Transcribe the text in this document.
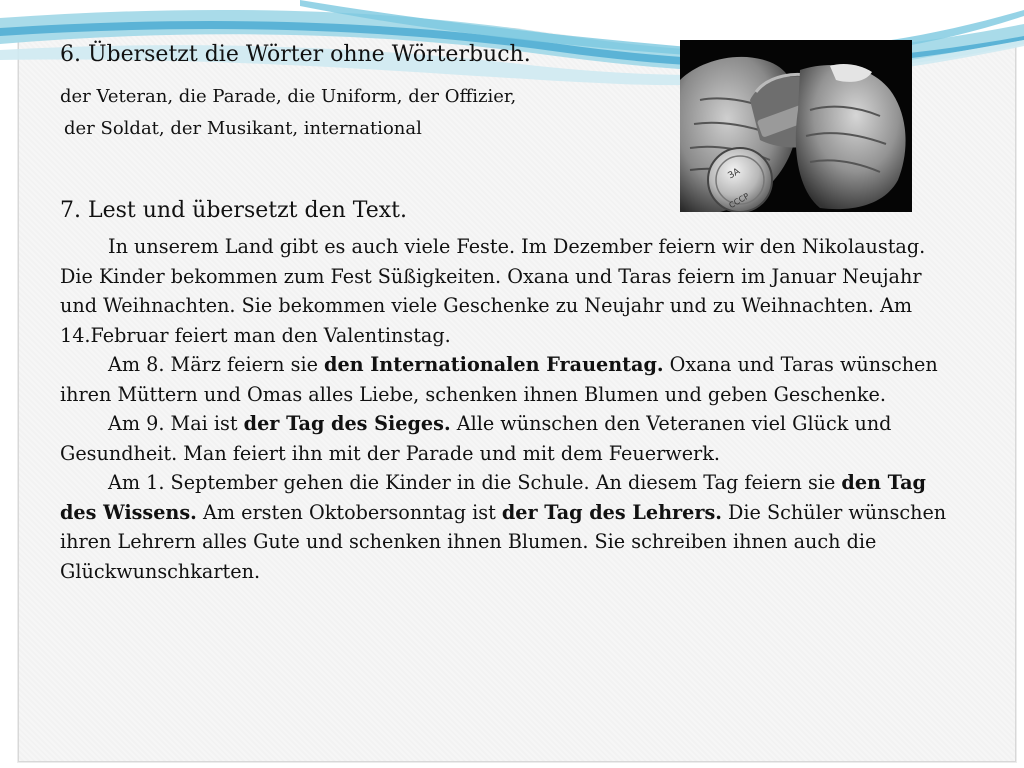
ЗА
СССР
6. Übersetzt die Wörter ohne Wörterbuch.
der Veteran, die Parade, die Uniform, der Offizier,
der Soldat, der Musikant, international
7. Lest und übersetzt den Text.

In unserem Land gibt es auch viele Feste. Im Dezember feiern wir den Nikolaustag. Die Kinder bekommen zum Fest Süßigkeiten. Oxana und Taras feiern im Januar Neujahr und Weihnachten. Sie bekommen viele Geschenke zu Neujahr und zu Weihnachten. Am 14.Februar feiert man den Valentinstag.

Am 8. März feiern sie den Internationalen Frauentag. Oxana und Taras wünschen ihren Müttern und Omas alles Liebe, schenken ihnen Blumen und geben Geschenke.

Am 9. Mai ist der Tag des Sieges. Alle wünschen den Veteranen viel Glück und Gesundheit. Man feiert ihn mit der Parade und mit dem Feuerwerk.

Am 1. September gehen die Kinder in die Schule. An diesem Tag feiern sie den Tag des Wissens. Am ersten Oktobersonntag ist der Tag des Lehrers. Die Schüler wünschen ihren Lehrern alles Gute und schenken ihnen Blumen. Sie schreiben ihnen auch die Glückwunschkarten.
